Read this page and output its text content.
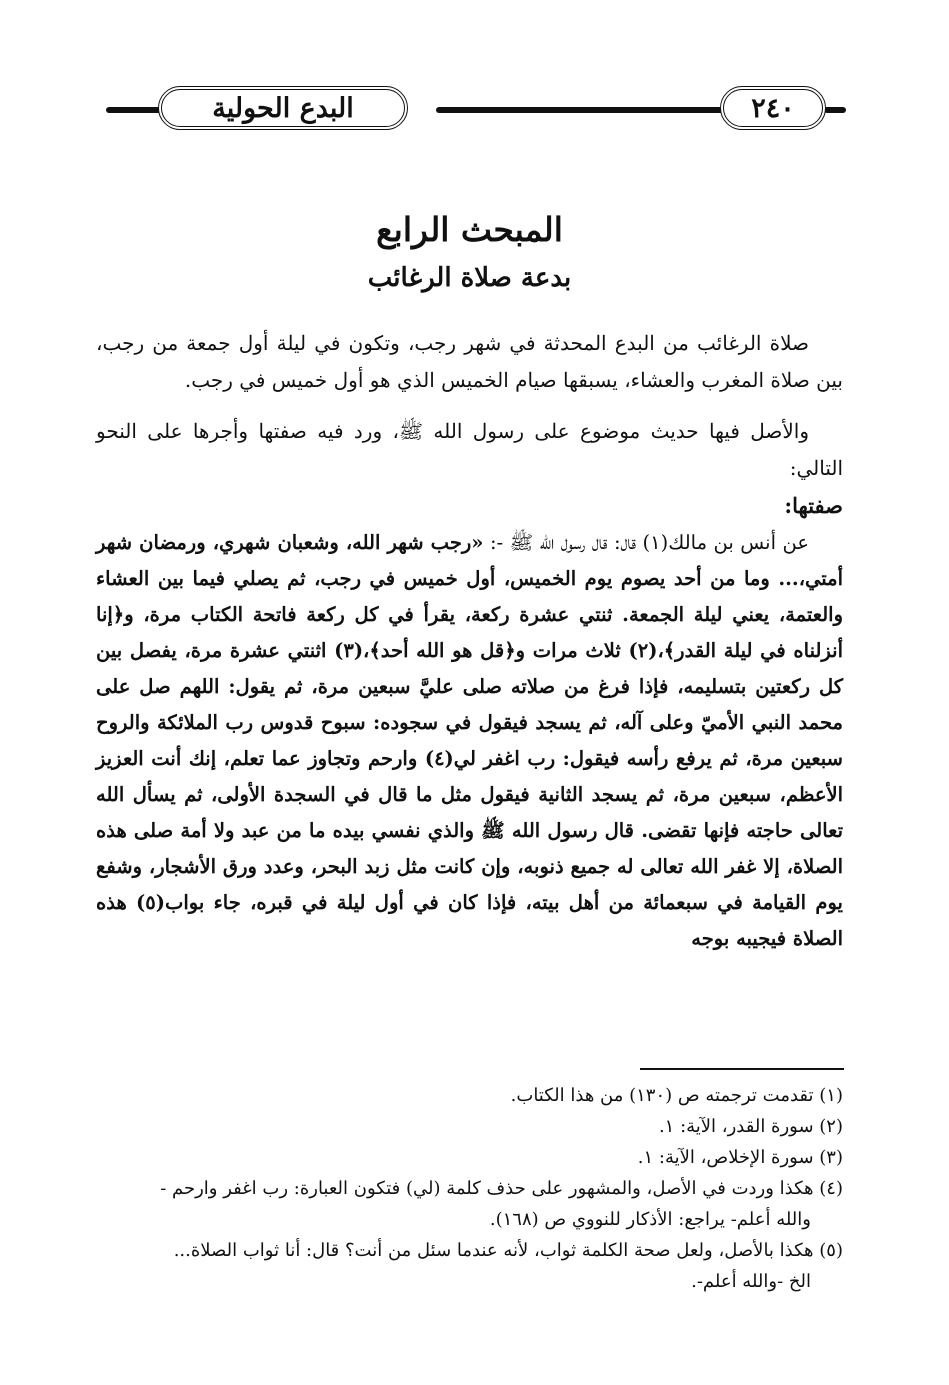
البدع الحولية	٢٤٠

المبحث الرابع

بدعة صلاة الرغائب

صلاة الرغائب من البدع المحدثة في شهر رجب، وتكون في ليلة أول جمعة من رجب، بين صلاة المغرب والعشاء، يسبقها صيام الخميس الذي هو أول خميس في رجب.

والأصل فيها حديث موضوع على رسول الله ﷺ، ورد فيه صفتها وأجرها على النحو التالي:

صفتها:

عن أنس بن مالك(١) قال: قال رسول الله ﷺ -: «رجب شهر الله، وشعبان شهري، ورمضان شهر أمتي،... وما من أحد يصوم يوم الخميس، أول خميس في رجب، ثم يصلي فيما بين العشاء والعتمة، يعني ليلة الجمعة. ثنتي عشرة ركعة، يقرأ في كل ركعة فاتحة الكتاب مرة، و﴿إنا أنزلناه في ليلة القدر﴾،(٢) ثلاث مرات و﴿قل هو الله أحد﴾،(٣) اثنتي عشرة مرة، يفصل بين كل ركعتين بتسليمه، فإذا فرغ من صلاته صلى عليَّ سبعين مرة، ثم يقول: اللهم صل على محمد النبي الأميّ وعلى آله، ثم يسجد فيقول في سجوده: سبوح قدوس رب الملائكة والروح سبعين مرة، ثم يرفع رأسه فيقول: رب اغفر لي(٤) وارحم وتجاوز عما تعلم، إنك أنت العزيز الأعظم، سبعين مرة، ثم يسجد الثانية فيقول مثل ما قال في السجدة الأولى، ثم يسأل الله تعالى حاجته فإنها تقضى. قال رسول الله ﷺ والذي نفسي بيده ما من عبد ولا أمة صلى هذه الصلاة، إلا غفر الله تعالى له جميع ذنوبه، وإن كانت مثل زبد البحر، وعدد ورق الأشجار، وشفع يوم القيامة في سبعمائة من أهل بيته، فإذا كان في أول ليلة في قبره، جاء بواب(٥) هذه الصلاة فيجيبه بوجه

(١) تقدمت ترجمته ص (١٣٠) من هذا الكتاب.

(٢) سورة القدر، الآية: ١.

(٣) سورة الإخلاص، الآية: ١.

(٤) هكذا وردت في الأصل، والمشهور على حذف كلمة (لي) فتكون العبارة: رب اغفر وارحم -
والله أعلم- يراجع: الأذكار للنووي ص (١٦٨).

(٥) هكذا بالأصل، ولعل صحة الكلمة ثواب، لأنه عندما سئل من أنت؟ قال: أنا ثواب الصلاة...
الخ -والله أعلم-.
